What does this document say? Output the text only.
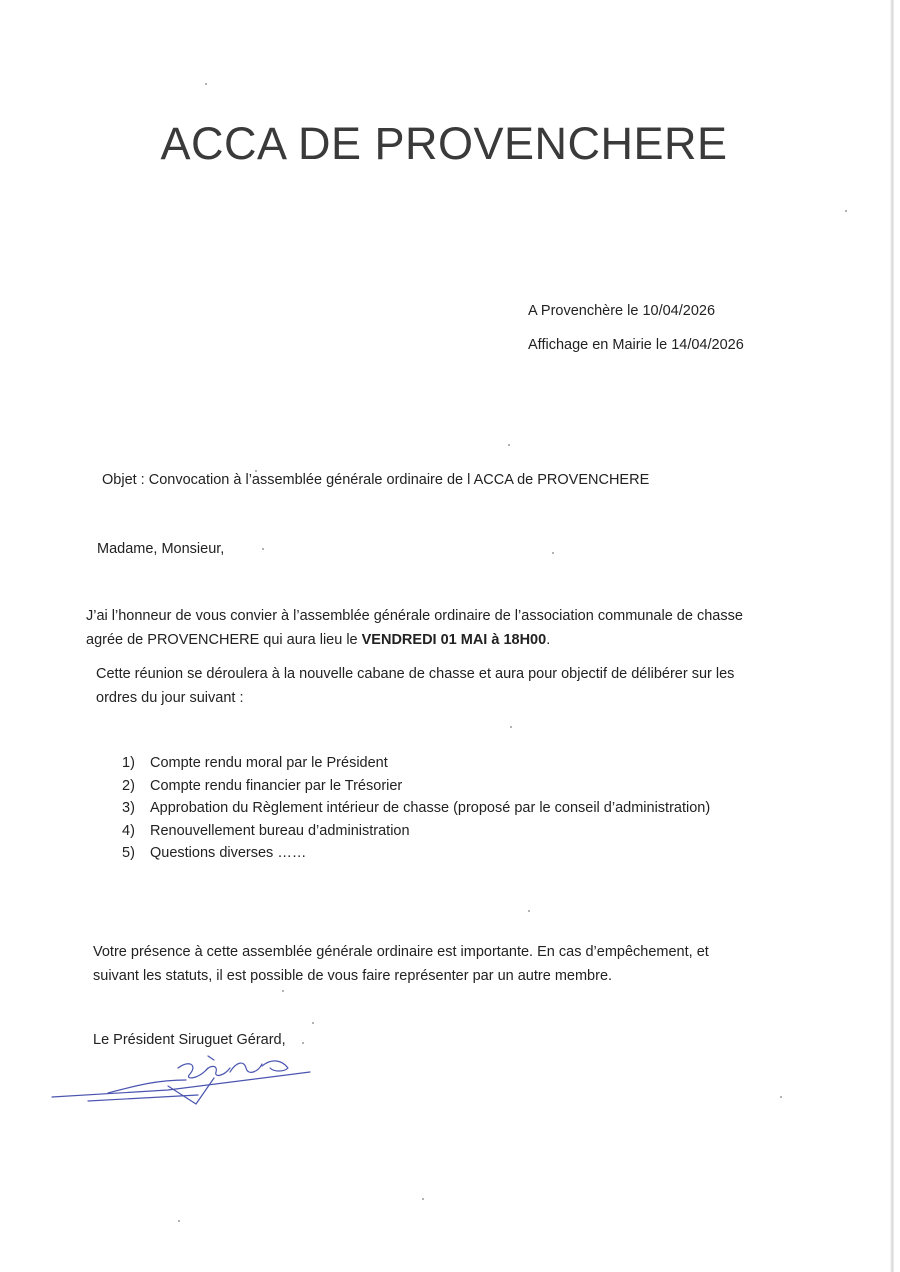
ACCA DE PROVENCHERE
A Provenchère le 10/04/2026
Affichage en Mairie le 14/04/2026
Objet : Convocation à l’assemblée générale ordinaire de l ACCA de PROVENCHERE
Madame, Monsieur,
J’ai l’honneur de vous convier à l’assemblée générale ordinaire de l’association communale de chasse
agrée de PROVENCHERE qui aura lieu le VENDREDI 01 MAI à 18H00.
Cette réunion se déroulera à la nouvelle cabane de chasse et aura pour objectif de délibérer sur les
ordres du jour suivant :
1)	Compte rendu moral par le Président
2)	Compte rendu financier par le Trésorier
3)	Approbation du Règlement intérieur de chasse (proposé par le conseil d’administration)
4)	Renouvellement bureau d’administration
5)	Questions diverses ……
Votre présence à cette assemblée générale ordinaire est importante. En cas d’empêchement, et
suivant les statuts, il est possible de vous faire représenter par un autre membre.
Le Président Siruguet Gérard,
